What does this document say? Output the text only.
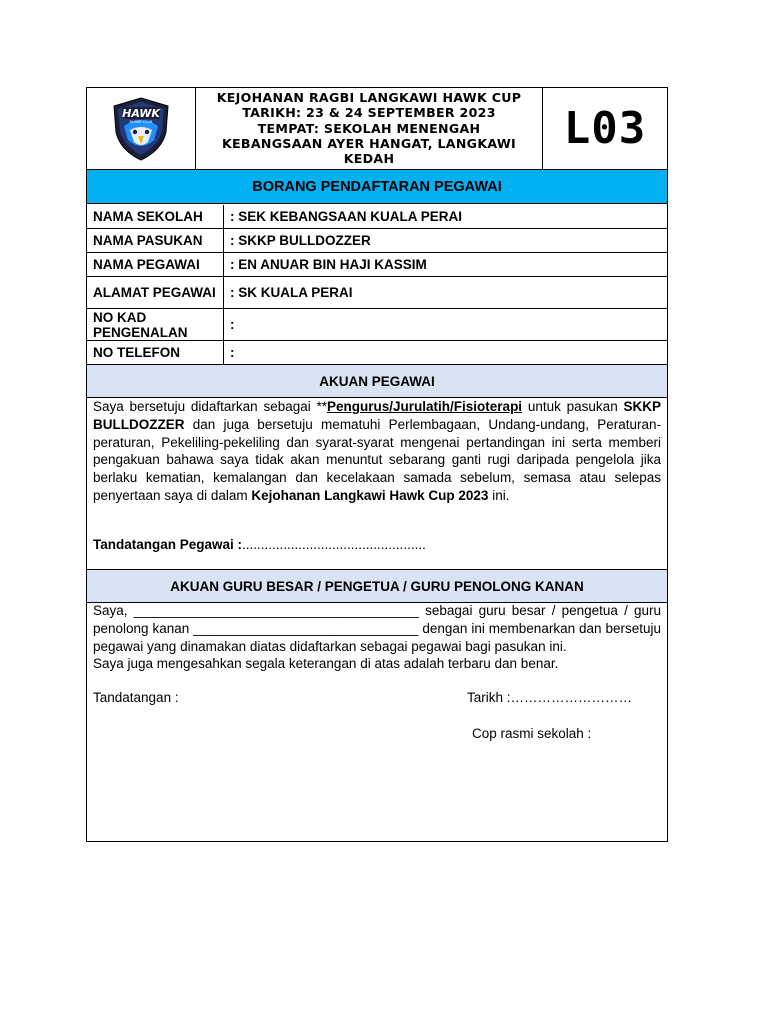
HAWK
RUGBY CLUB
KEJOHANAN RAGBI LANGKAWI HAWK CUP
TARIKH: 23 & 24 SEPTEMBER 2023
TEMPAT: SEKOLAH MENENGAH
KEBANGSAAN AYER HANGAT, LANGKAWI
KEDAH
L03
BORANG PENDAFTARAN PEGAWAI
NAMA SEKOLAH	: SEK KEBANGSAAN KUALA PERAI
NAMA PASUKAN	: SKKP BULLDOZZER
NAMA PEGAWAI	: EN ANUAR BIN HAJI KASSIM
ALAMAT PEGAWAI	: SK KUALA PERAI
NO KAD PENGENALAN	:
NO TELEFON	:
AKUAN PEGAWAI
Saya bersetuju didaftarkan sebagai **Pengurus/Jurulatih/Fisioterapi untuk pasukan SKKP BULLDOZZER dan juga bersetuju mematuhi Perlembagaan, Undang-undang, Peraturan-peraturan, Pekeliling-pekeliling dan syarat-syarat mengenai pertandingan ini serta memberi pengakuan bahawa saya tidak akan menuntut sebarang ganti rugi daripada pengelola jika berlaku kematian, kemalangan dan kecelakaan samada sebelum, semasa atau selepas penyertaan saya di dalam Kejohanan Langkawi Hawk Cup 2023 ini.
Tandatangan Pegawai :.................................................
AKUAN GURU BESAR / PENGETUA / GURU PENOLONG KANAN
Saya, ______________________________________ sebagai guru besar / pengetua / guru penolong kanan ______________________________ dengan ini membenarkan dan bersetuju pegawai yang dinamakan diatas didaftarkan sebagai pegawai bagi pasukan ini.
Saya juga mengesahkan segala keterangan di atas adalah terbaru dan benar.
Tandatangan :	Tarikh :………………………
Cop rasmi sekolah :
